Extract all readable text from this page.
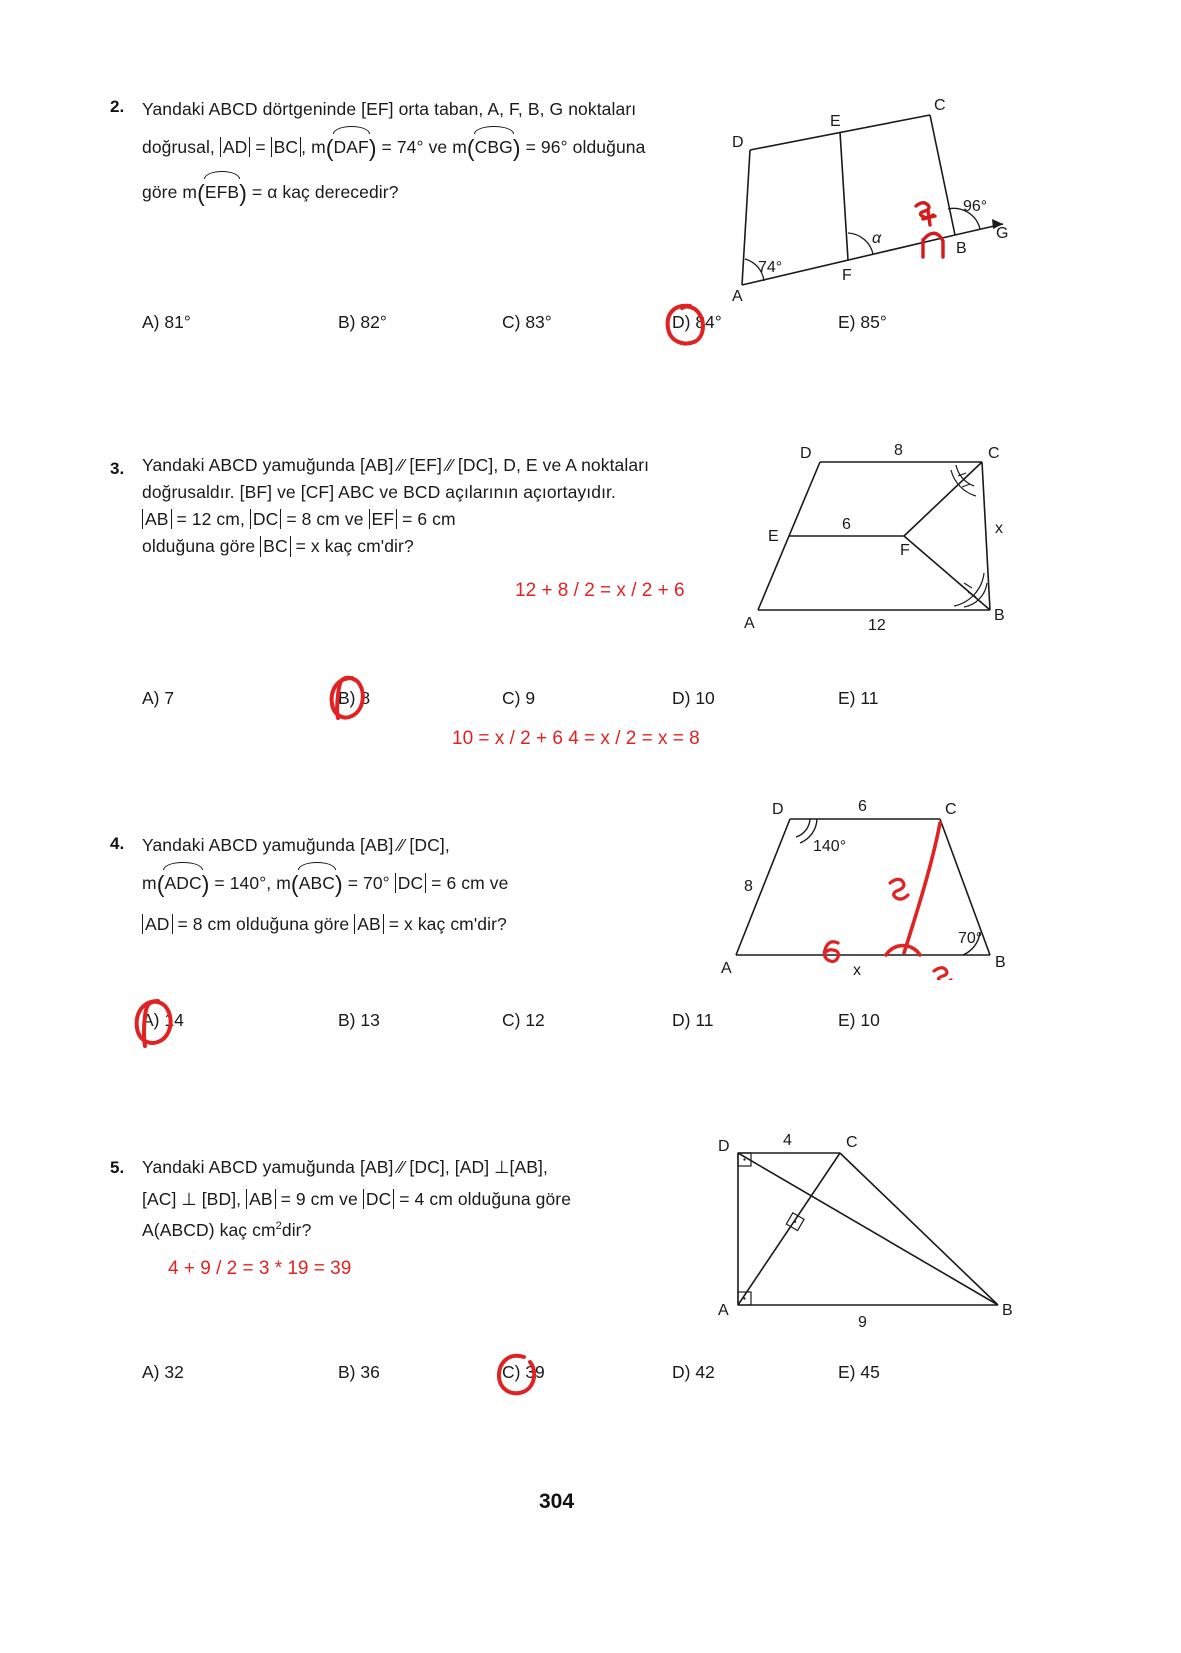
2. Yandaki ABCD dörtgeninde [EF] orta taban, A, F, B, G noktaları
doğrusal, AD = BC , m(DAF) = 74° ve m(CBG) = 96° olduğuna
göre m(EFB) = α kaç derecedir?
A
B
C
D
E
F
G
74°
96°
α
A) 81°	B) 82°	C) 83°	D) 84°	E) 85°
3. Yandaki ABCD yamuğunda [AB] ∕∕ [EF] ∕∕ [DC], D, E ve A noktaları
doğrusaldır. [BF] ve [CF] ABC ve BCD açılarının açıortayıdır.
AB = 12 cm, DC = 8 cm ve EF = 6 cm
olduğuna göre BC = x kaç cm'dir?
A	B
C
D
E
F
8
6
12
x
12 + 8 / 2 = x / 2 + 6
A) 7	B) 8	C) 9	D) 10	E) 11
10 = x / 2 + 6 4 = x / 2 = x = 8
4. Yandaki ABCD yamuğunda [AB] ∕∕ [DC],
m(ADC) = 140°, m(ABC) = 70° DC = 6 cm ve
AD = 8 cm olduğuna göre AB = x kaç cm'dir?
A	B
C
D	6
8
x
140°
70°
A) 14	B) 13	C) 12	D) 11	E) 10
5. Yandaki ABCD yamuğunda [AB] ∕∕ [DC], [AD] ⊥[AB],
[AC] ⊥ [BD], AB = 9 cm ve DC = 4 cm olduğuna göre
A(ABCD) kaç $cm^2dir$?
A	B
C
D	4
9
4 + 9 / 2 = 3 * 19 = 39
A) 32	B) 36	C) 39	D) 42	E) 45
304
